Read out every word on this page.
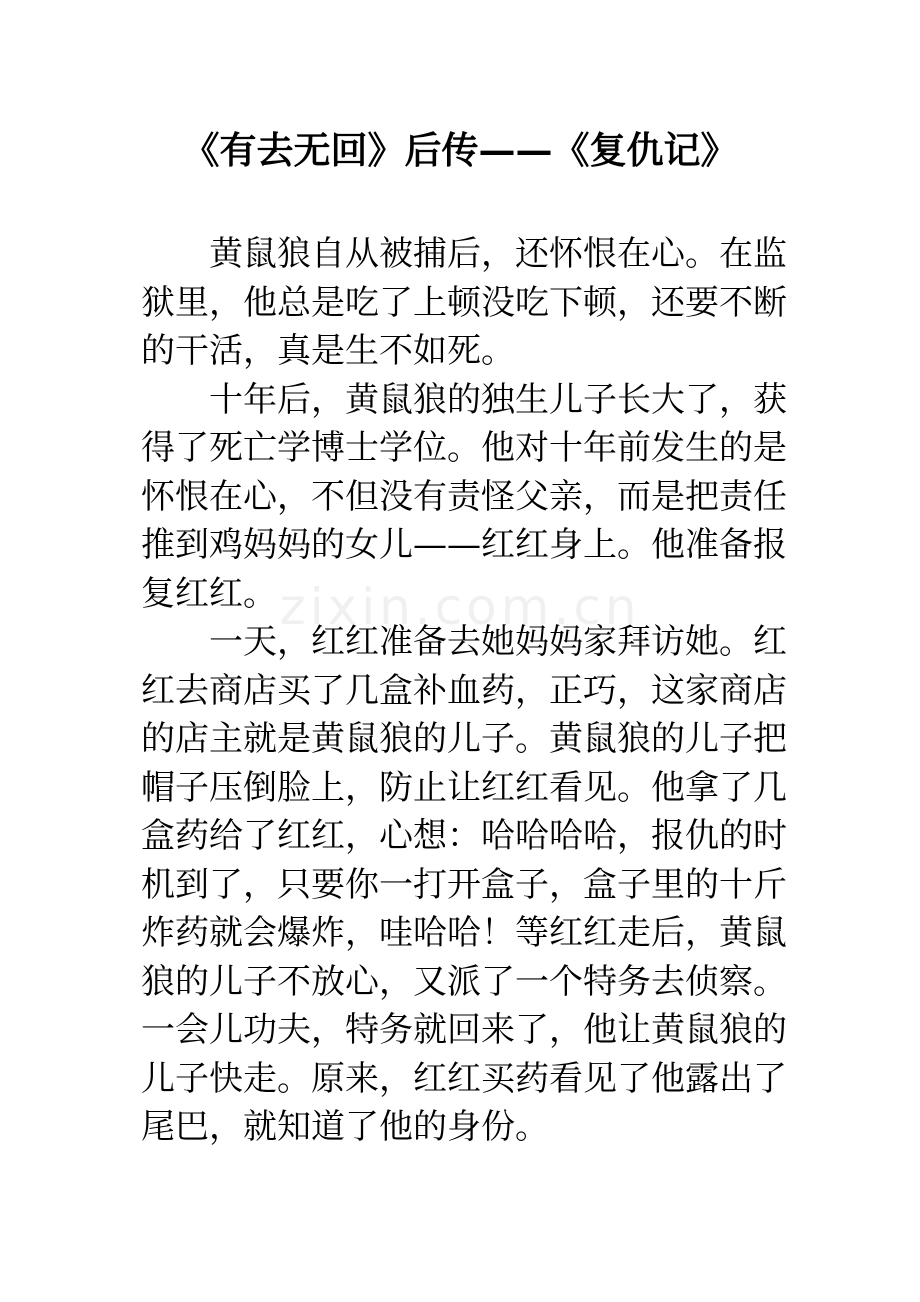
《有去无回》后传——《复仇记》
zixin.com.cn
　　黄鼠狼自从被捕后，还怀恨在心。在监
狱里，他总是吃了上顿没吃下顿，还要不断
的干活，真是生不如死。
　　十年后，黄鼠狼的独生儿子长大了，获
得了死亡学博士学位。他对十年前发生的是
怀恨在心，不但没有责怪父亲，而是把责任
推到鸡妈妈的女儿——红红身上。他准备报
复红红。
　　一天，红红准备去她妈妈家拜访她。红
红去商店买了几盒补血药，正巧，这家商店
的店主就是黄鼠狼的儿子。黄鼠狼的儿子把
帽子压倒脸上，防止让红红看见。他拿了几
盒药给了红红，心想：哈哈哈哈，报仇的时
机到了，只要你一打开盒子，盒子里的十斤
炸药就会爆炸，哇哈哈！等红红走后，黄鼠
狼的儿子不放心，又派了一个特务去侦察。
一会儿功夫，特务就回来了，他让黄鼠狼的
儿子快走。原来，红红买药看见了他露出了
尾巴，就知道了他的身份。
